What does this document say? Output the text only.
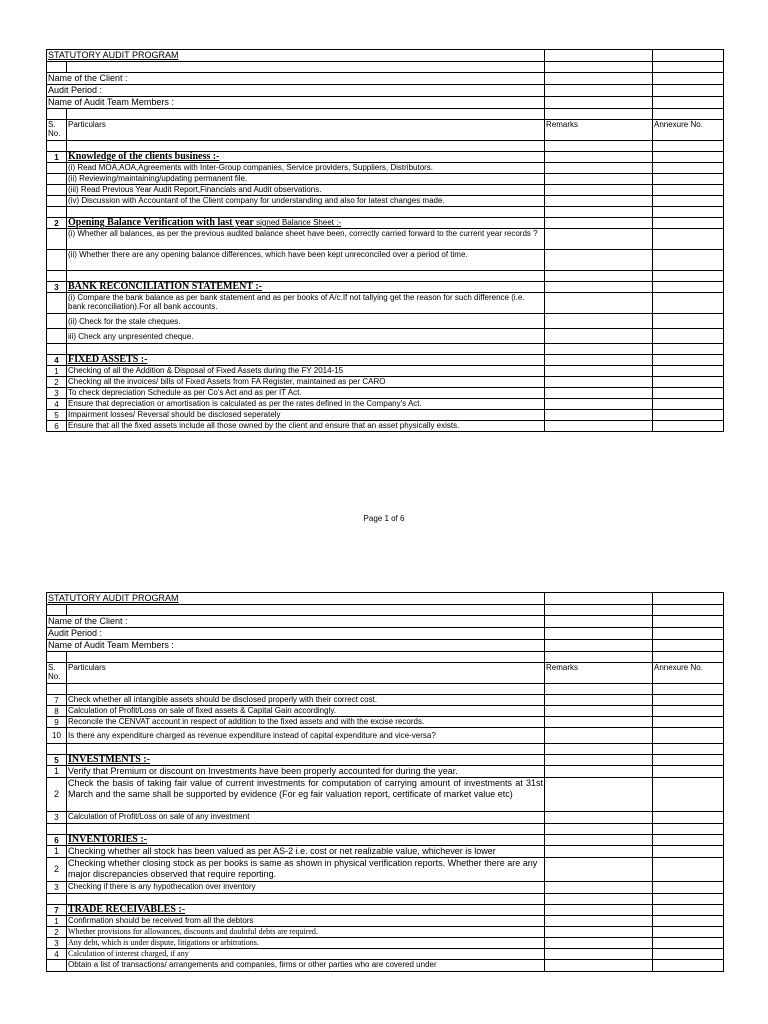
STATUTORY AUDIT PROGRAM			

Name of the Client :			
Audit Period :			
Name of Audit Team Members :			

S. No.	Particulars	Remarks	Annexure No.

1	Knowledge of the clients business :-		
	(i) Read MOA,AOA,Agreements with Inter-Group companies, Service providers, Suppliers, Distributors.		
	(ii) Reviewing/maintaining/updating permanent file.		
	(iii) Read Previous Year Audit Report,Financials and Audit observations.		
	(iv) Discussion with Accountant of the Client company for understanding and also for latest changes made.		

2	Opening Balance Verification with last year signed Balance Sheet :-		
	(i) Whether all balances, as per the previous audited balance sheet have been, correctly carried forward to the current year records ?		
	(ii) Whether there are any opening balance differences, which have been kept unreconciled over a period of time.		

3	BANK RECONCILIATION STATEMENT :-		
	(i) Compare the bank balance as per bank statement and as per books of A/c.If not tallying get the reason for such difference (i.e. bank reconciliation).For all bank accounts.		
	(ii) Check for the stale cheques.		
	iii) Check any unpresented cheque.		

4	FIXED ASSETS :-		
1	Checking of all the Addition & Disposal of Fixed Assets during the FY 2014-15		
2	Checking all the invoices/ bills of Fixed Assets from FA Register, maintained as per CARO		
3	To check depreciation Schedule as per Co's Act and as per IT Act.		
4	Ensure that depreciation or amortisation is calculated as per the rates defined in the Company's Act.		
5	Impairment losses/ Reversal should be disclosed seperately		
6	Ensure that all the fixed assets include all those owned by the client and ensure that an asset physically exists.		
Page 1 of 6
STATUTORY AUDIT PROGRAM			

Name of the Client :			
Audit Period :			
Name of Audit Team Members :			

S. No.	Particulars	Remarks	Annexure No.

7	Check whether all intangible assets should be disclosed properly with their correct cost.		
8	Calculation of Profit/Loss on sale of fixed assets & Capital Gain accordingly.		
9	Reconcile the CENVAT account in respect of addition to the fixed assets and with the excise records.		
10	Is there any expenditure charged as revenue expenditure instead of capital expenditure and vice-versa?		

5	INVESTMENTS :-		
1	Verify that Premium or discount on Investments have been properly accounted for during the year.		
2	Check the basis of taking fair value of current investments for computation of carrying amount of investments at 31st March and the same shall be supported by evidence (For eg fair valuation report, certificate of market value etc)		
3	Calculation of Profit/Loss on sale of any investment		

6	INVENTORIES :-		
1	Checking whether all stock has been valued as per AS-2 i.e. cost or net realizable value, whichever is lower		
2	Checking whether closing stock as per books is same as shown in physical verification reports. Whether there are any major discrepancies observed that require reporting.		
3	Checking if there is any hypothecation over inventory		

7	TRADE RECEIVABLES :-		
1	Confirmation should be received from all the debtors		
2	Whether provisions for allowances, discounts and doubtful debts are required.		
3	Any debt, which is under dispute, litigations or arbitrations.		
4	Calculation of interest charged, if any		
	Obtain a list of transactions/ arrangements and companies, firms or other parties who are covered under		
